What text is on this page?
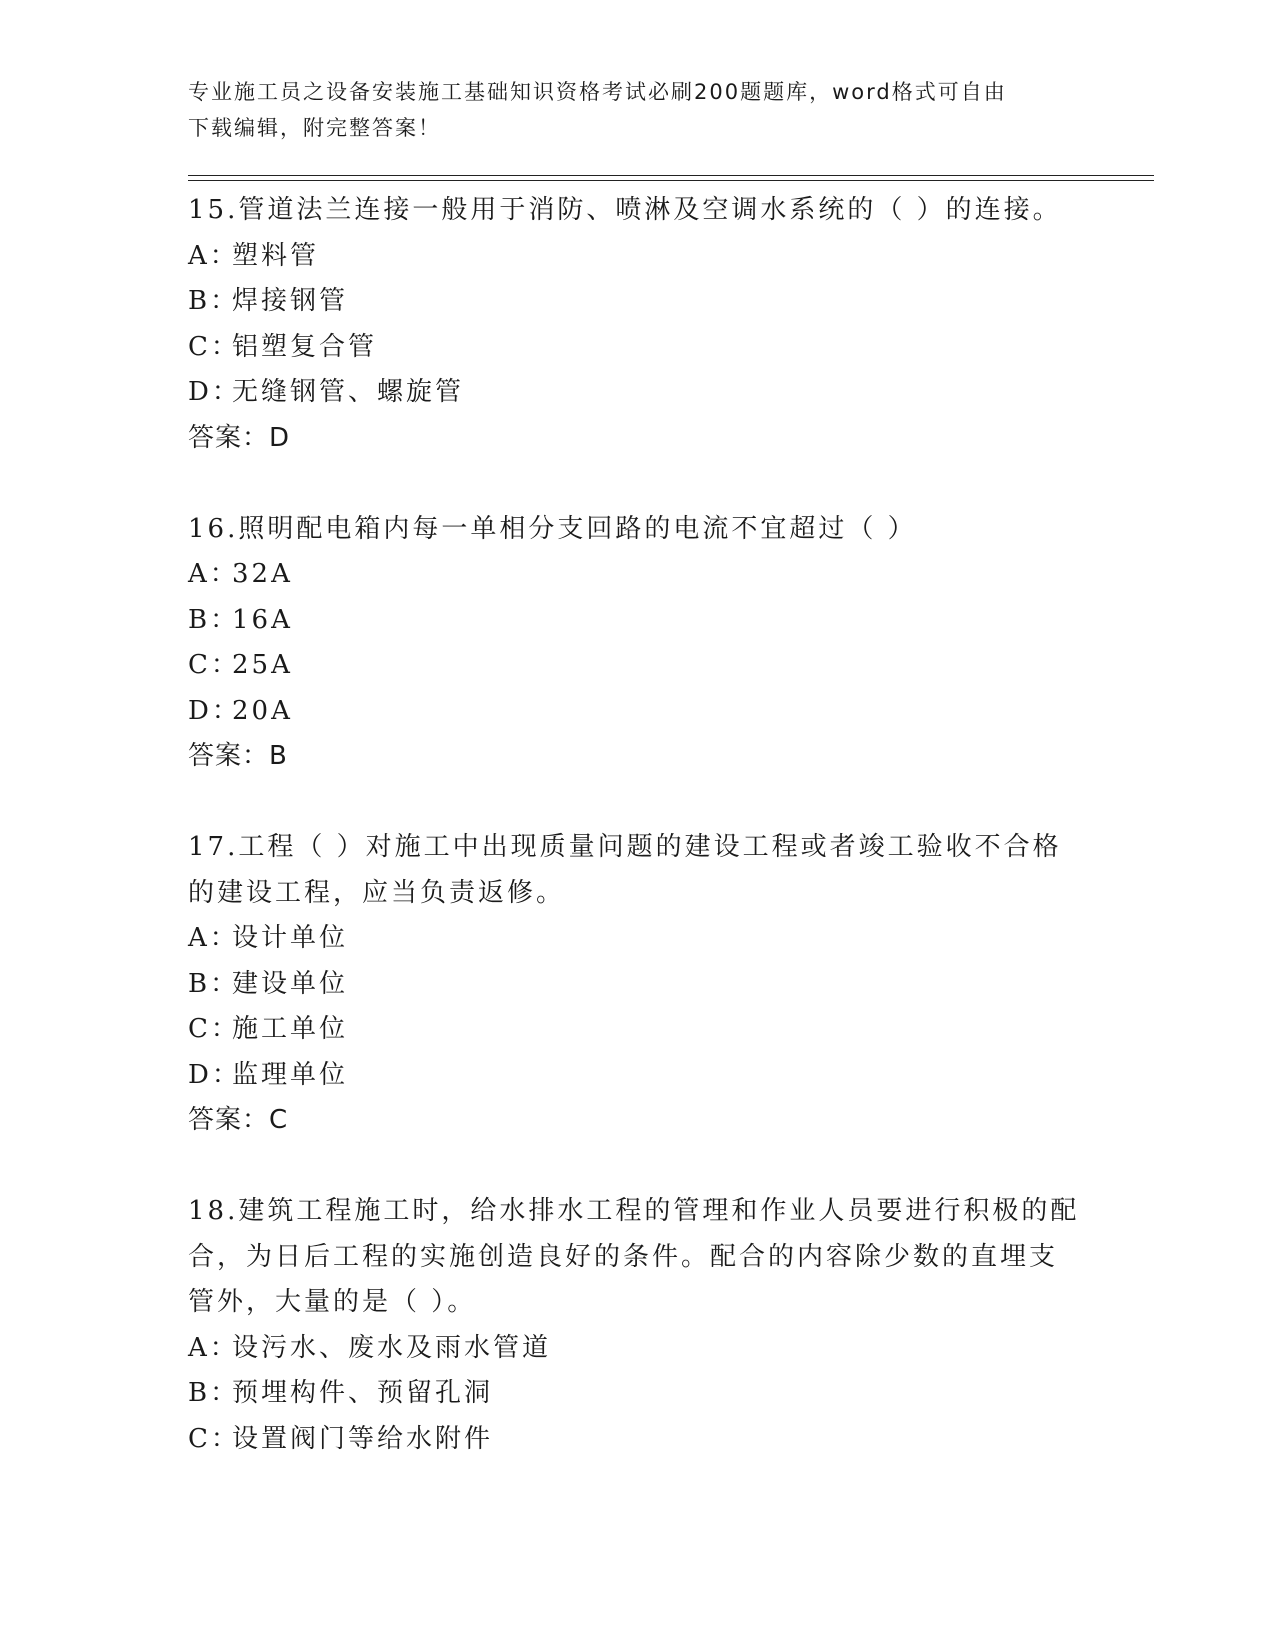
专业施工员之设备安装施工基础知识资格考试必刷200题题库，word格式可自由
下载编辑，附完整答案！
15.管道法兰连接一般用于消防、喷淋及空调水系统的（ ）的连接。
A：塑料管
B：焊接钢管
C：铝塑复合管
D：无缝钢管、螺旋管
答案：D
16.照明配电箱内每一单相分支回路的电流不宜超过（ ）
A：32A
B：16A
C：25A
D：20A
答案：B
17.工程（ ）对施工中出现质量问题的建设工程或者竣工验收不合格
的建设工程，应当负责返修。
A：设计单位
B：建设单位
C：施工单位
D：监理单位
答案：C
18.建筑工程施工时，给水排水工程的管理和作业人员要进行积极的配
合，为日后工程的实施创造良好的条件。配合的内容除少数的直埋支
管外，大量的是（ ）。
A：设污水、废水及雨水管道
B：预埋构件、预留孔洞
C：设置阀门等给水附件
